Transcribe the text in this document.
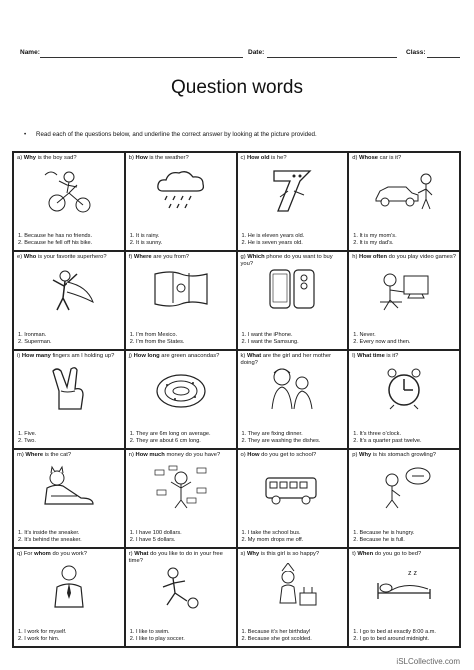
Name:	Date:	Class:
Question words
• Read each of the questions below, and underline the correct answer by looking at the picture provided.
a) Why is the boy sad?
1. Because he has no friends.
2. Because he fell off his bike.
b) How is the weather?
1. It is rainy.
2. It is sunny.
c) How old is he?
1. He is eleven years old.
2. He is seven years old.
d) Whose car is it?
1. It is my mom’s.
2. It is my dad’s.
e) Who is your favorite superhero?
1. Ironman.
2. Superman.
f) Where are you from?
1. I’m from Mexico.
2. I’m from the States.
g) Which phone do you want to buy you?
1. I want the iPhone.
2. I want the Samsung.
h) How often do you play video games?
1. Never.
2. Every now and then.
i) How many fingers am I holding up?
1. Five.
2. Two.
j) How long are green anacondas?
1. They are 6m long on average.
2. They are about 6 cm long.
k) What are the girl and her mother doing?
1. They are fixing dinner.
2. They are washing the dishes.
l) What time is it?
1. It’s three o’clock.
2. It’s a quarter past twelve.
m) Where is the cat?
1. It’s inside the sneaker.
2. It’s behind the sneaker.
n) How much money do you have?
1. I have 100 dollars.
2. I have 5 dollars.
o) How do you get to school?
1. I take the school bus.
2. My mom drops me off.
p) Why is his stomach growling?
1. Because he is hungry.
2. Because he is full.
q) For whom do you work?
1. I work for myself.
2. I work for him.
r) What do you like to do in your free time?
1. I like to swim.
2. I like to play soccer.
s) Why is this girl is so happy?
1. Because it’s her birthday!
2. Because she got scolded.
t) When do you go to bed?
z z
1. I go to bed at exactly 8:00 a.m.
2. I go to bed around midnight.
iSLCollective.com
